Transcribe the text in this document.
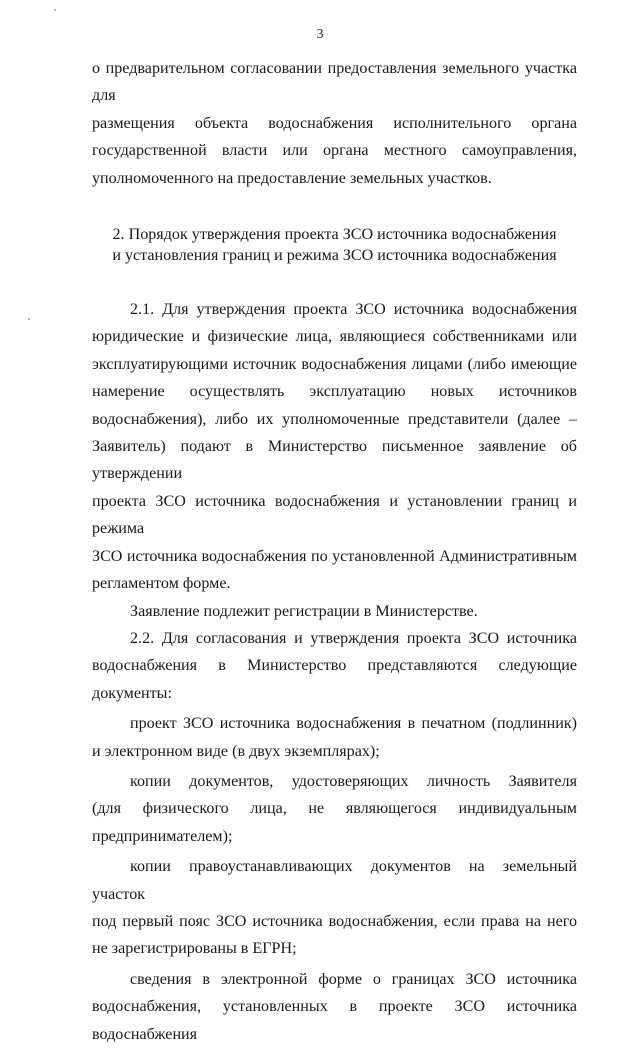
3
о предварительном согласовании предоставления земельного участка для
размещения объекта водоснабжения исполнительного органа
государственной власти или органа местного самоуправления,
уполномоченного на предоставление земельных участков.
2. Порядок утверждения проекта ЗСО источника водоснабжения
и установления границ и режима ЗСО источника водоснабжения
2.1. Для утверждения проекта ЗСО источника водоснабжения
юридические и физические лица, являющиеся собственниками или
эксплуатирующими источник водоснабжения лицами (либо имеющие
намерение осуществлять эксплуатацию новых источников
водоснабжения), либо их уполномоченные представители (далее –
Заявитель) подают в Министерство письменное заявление об утверждении
проекта ЗСО источника водоснабжения и установлении границ и режима
ЗСО источника водоснабжения по установленной Административным
регламентом форме.
Заявление подлежит регистрации в Министерстве.
2.2. Для согласования и утверждения проекта ЗСО источника
водоснабжения в Министерство представляются следующие документы:
проект ЗСО источника водоснабжения в печатном (подлинник)
и электронном виде (в двух экземплярах);
копии документов, удостоверяющих личность Заявителя
(для физического лица, не являющегося индивидуальным
предпринимателем);
копии правоустанавливающих документов на земельный участок
под первый пояс ЗСО источника водоснабжения, если права на него
не зарегистрированы в ЕГРН;
сведения в электронной форме о границах ЗСО источника
водоснабжения, установленных в проекте ЗСО источника водоснабжения
